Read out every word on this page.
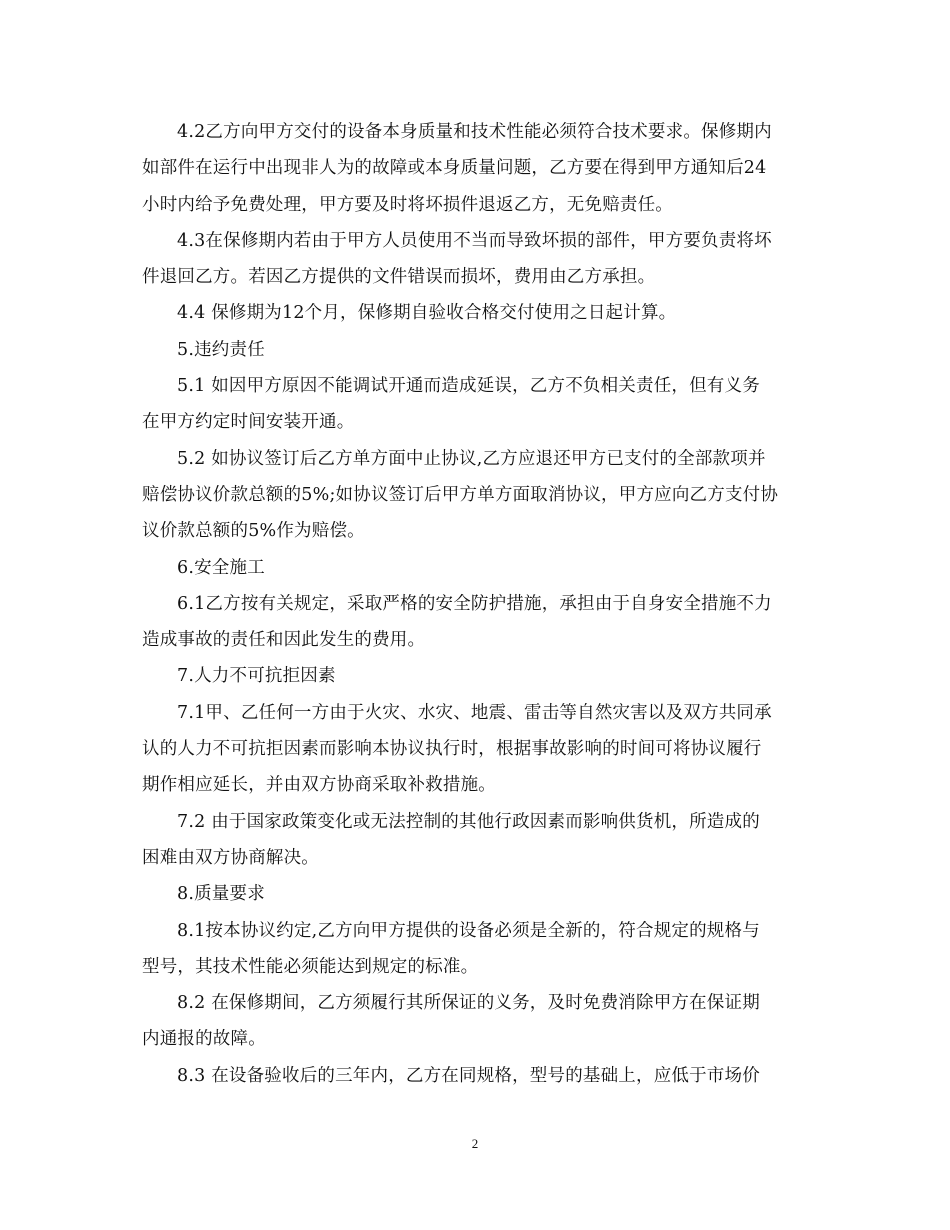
4.2乙方向甲方交付的设备本身质量和技术性能必须符合技术要求。保修期内
如部件在运行中出现非人为的故障或本身质量问题，乙方要在得到甲方通知后24
小时内给予免费处理，甲方要及时将坏损件退返乙方，无免赔责任。
4.3在保修期内若由于甲方人员使用不当而导致坏损的部件，甲方要负责将坏
件退回乙方。若因乙方提供的文件错误而损坏，费用由乙方承担。
4.4 保修期为12个月，保修期自验收合格交付使用之日起计算。
5.违约责任
5.1 如因甲方原因不能调试开通而造成延误，乙方不负相关责任，但有义务
在甲方约定时间安装开通。
5.2 如协议签订后乙方单方面中止协议,乙方应退还甲方已支付的全部款项并
赔偿协议价款总额的5%;如协议签订后甲方单方面取消协议，甲方应向乙方支付协
议价款总额的5%作为赔偿。
6.安全施工
6.1乙方按有关规定，采取严格的安全防护措施，承担由于自身安全措施不力
造成事故的责任和因此发生的费用。
7.人力不可抗拒因素
7.1甲、乙任何一方由于火灾、水灾、地震、雷击等自然灾害以及双方共同承
认的人力不可抗拒因素而影响本协议执行时，根据事故影响的时间可将协议履行
期作相应延长，并由双方协商采取补救措施。
7.2 由于国家政策变化或无法控制的其他行政因素而影响供货机，所造成的
困难由双方协商解决。
8.质量要求
8.1按本协议约定,乙方向甲方提供的设备必须是全新的，符合规定的规格与
型号，其技术性能必须能达到规定的标准。
8.2 在保修期间，乙方须履行其所保证的义务，及时免费消除甲方在保证期
内通报的故障。
8.3 在设备验收后的三年内，乙方在同规格，型号的基础上，应低于市场价
2
